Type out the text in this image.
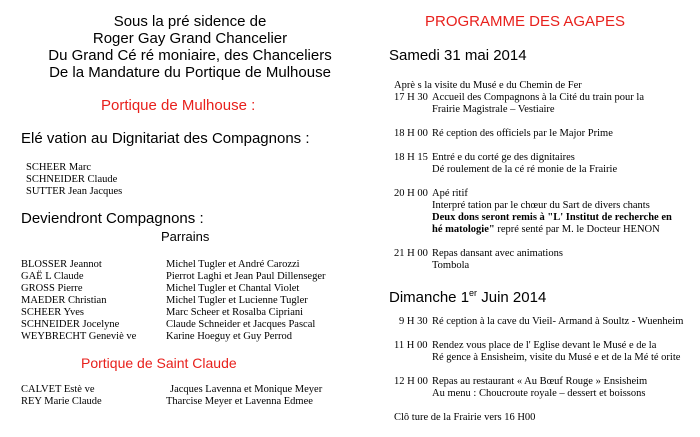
Sous la pré sidence de
Roger Gay Grand Chancelier
Du Grand Cé ré moniaire, des Chanceliers
De la Mandature du Portique de Mulhouse
Portique de Mulhouse :
Elé vation au Dignitariat des Compagnons :
SCHEER Marc
SCHNEIDER Claude
SUTTER Jean Jacques
Deviendront Compagnons :
Parrains
BLOSSER Jeannot	Michel Tugler et André Carozzi
GAË L Claude	Pierrot Laghi et Jean Paul Dillenseger
GROSS Pierre	Michel Tugler et Chantal Violet
MAEDER Christian	Michel Tugler et Lucienne Tugler
SCHEER Yves	Marc Scheer et Rosalba Cipriani
SCHNEIDER Jocelyne	Claude Schneider et Jacques Pascal
WEYBRECHT Geneviè ve	Karine Hoeguy et Guy Perrod
Portique de Saint Claude
CALVET Estè ve	Jacques Lavenna et Monique Meyer
REY Marie Claude	Tharcise Meyer et Lavenna Edmee
PROGRAMME DES AGAPES
Samedi 31 mai 2014
Aprè s la visite du Musé e du Chemin de Fer
17 H 30 Accueil des Compagnons à la Cité du train pour la
Frairie Magistrale – Vestiaire
18 H 00 Ré ception des officiels par le Major Prime
18 H 15 Entré e du corté ge des dignitaires
Dé roulement de la cé ré monie de la Frairie
20 H 00 Apé ritif
Interpré tation par le chœur du Sart de divers chants
Deux dons seront remis à "L' Institut de recherche en
hé matologie" repré senté par M. le Docteur HENON
21 H 00 Repas dansant avec animations
Tombola
Dimanche 1er Juin 2014
9 H 30 Ré ception à la cave du Vieil- Armand à Soultz - Wuenheim
11 H 00 Rendez vous place de l' Eglise devant le Musé e de la
Ré gence à Ensisheim, visite du Musé e et de la Mé té orite
12 H 00 Repas au restaurant « Au Bœuf Rouge » Ensisheim
Au menu : Choucroute royale – dessert et boissons
Clô ture de la Frairie vers 16 H00
